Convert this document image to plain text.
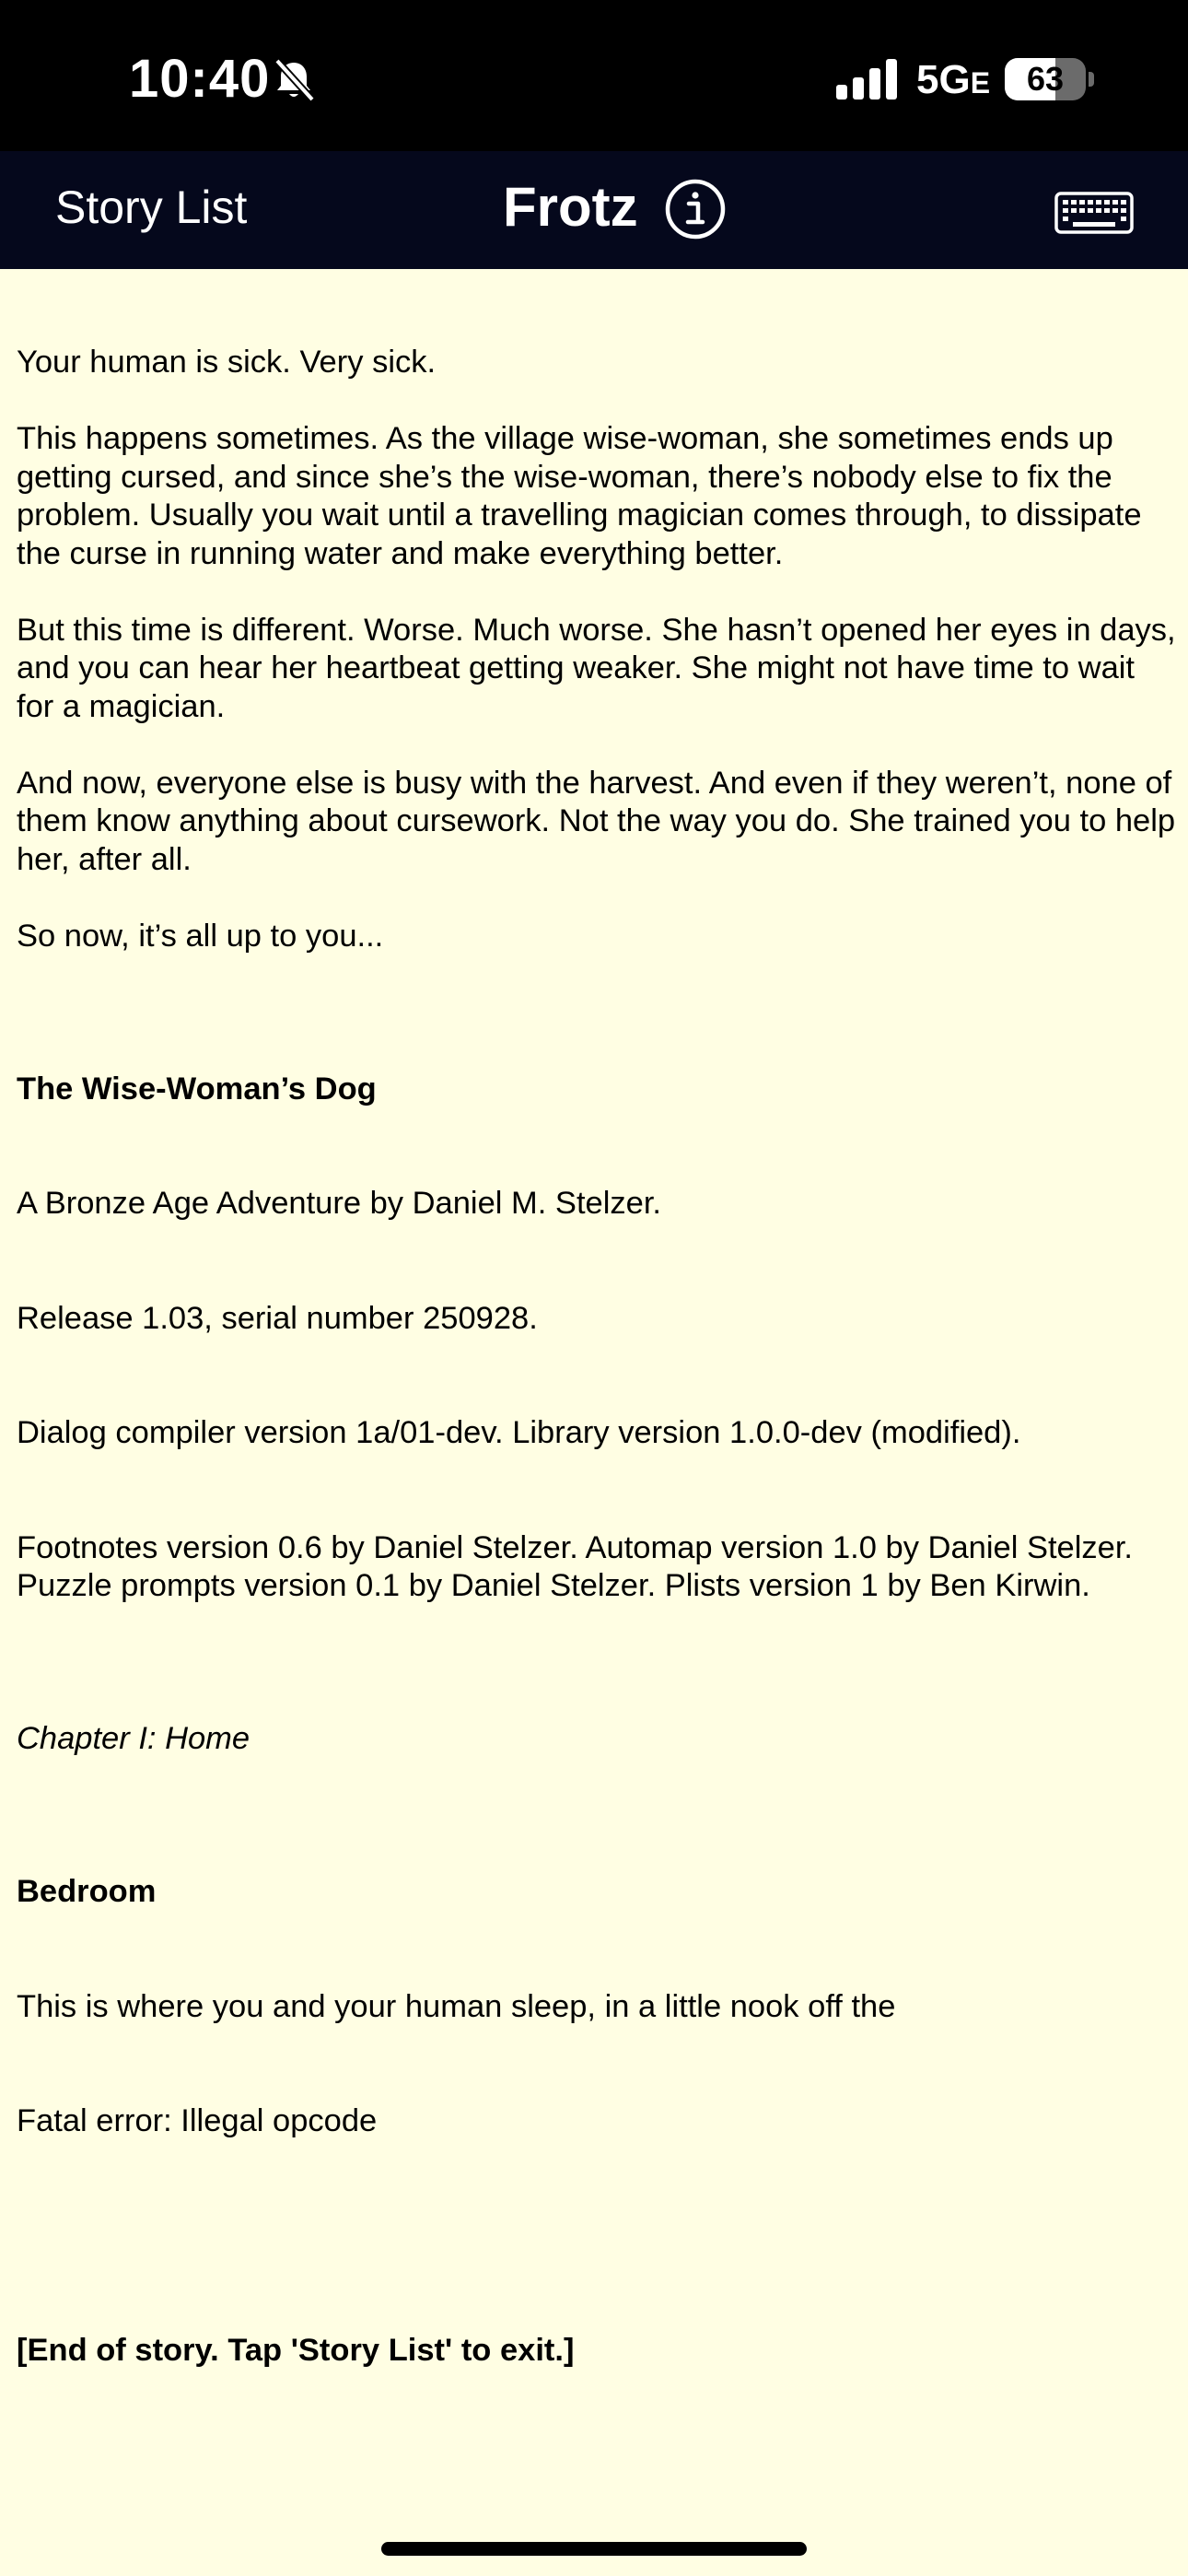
10:40	5GE	63
Story List	Frotz

Your human is sick. Very sick.

This happens sometimes. As the village wise-woman, she sometimes ends up getting cursed, and since she’s the wise-woman, there’s nobody else to fix the problem. Usually you wait until a travelling magician comes through, to dissipate the curse in running water and make everything better.

But this time is different. Worse. Much worse. She hasn’t opened her eyes in days, and you can hear her heartbeat getting weaker. She might not have time to wait for a magician.

And now, everyone else is busy with the harvest. And even if they weren’t, none of them know anything about cursework. Not the way you do. She trained you to help her, after all.

So now, it’s all up to you...

The Wise-Woman’s Dog

A Bronze Age Adventure by Daniel M. Stelzer.

Release 1.03, serial number 250928.

Dialog compiler version 1a/01-dev. Library version 1.0.0-dev (modified).

Footnotes version 0.6 by Daniel Stelzer. Automap version 1.0 by Daniel Stelzer. Puzzle prompts version 0.1 by Daniel Stelzer. Plists version 1 by Ben Kirwin.

Chapter I: Home

Bedroom

This is where you and your human sleep, in a little nook off the

Fatal error: Illegal opcode

[End of story. Tap 'Story List' to exit.]
